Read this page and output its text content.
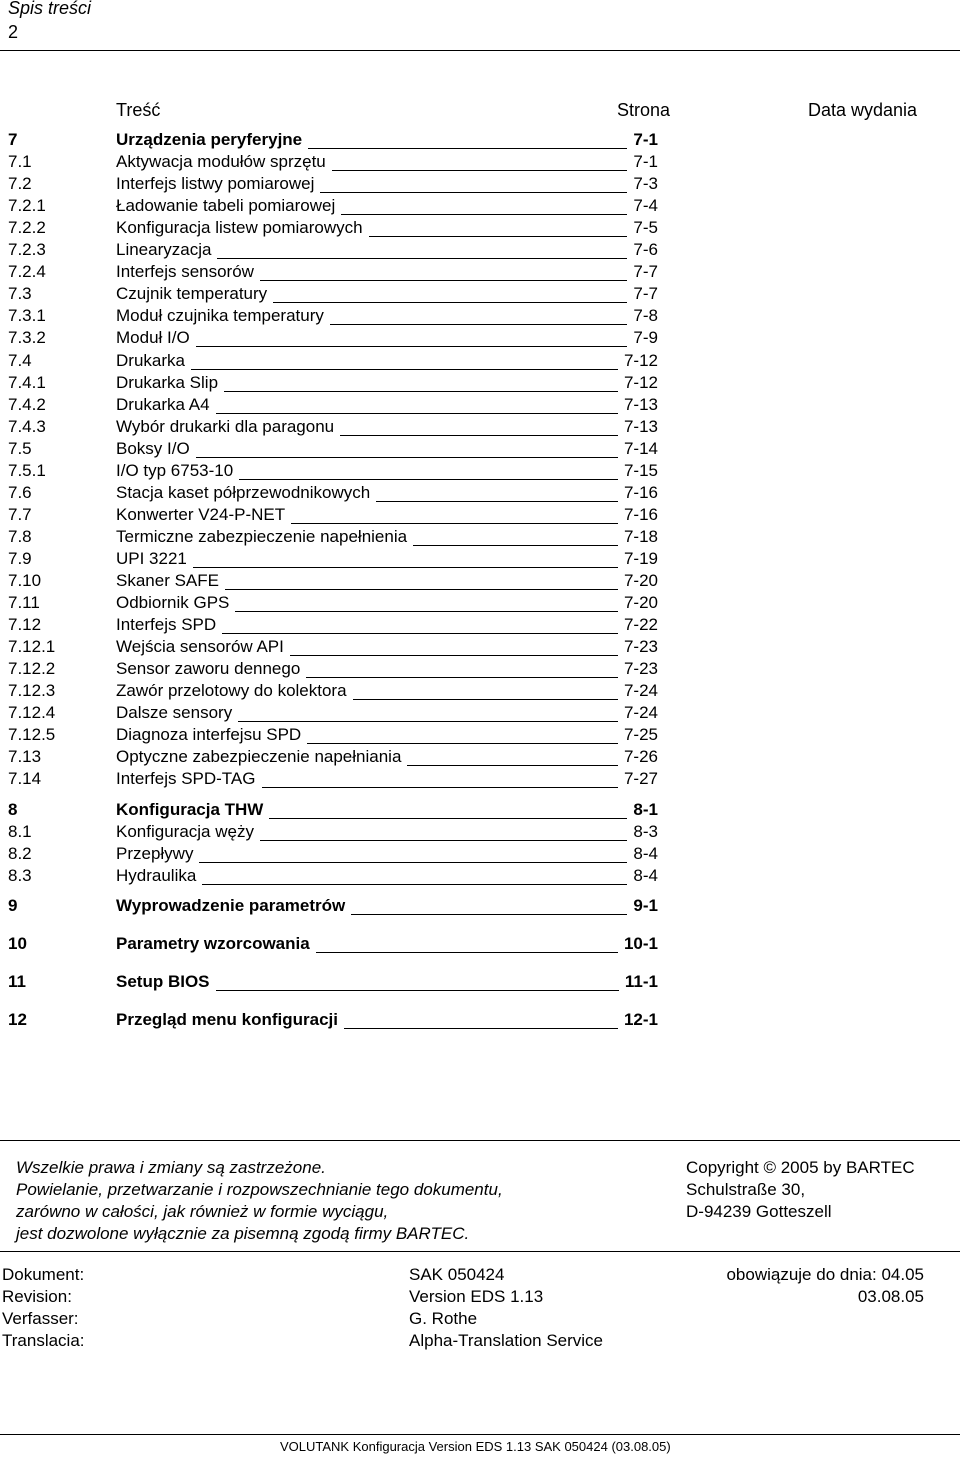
Spis treści
2
Treść	Strona	Data wydania
7	Urządzenia peryferyjne	7-1
7.1	Aktywacja modułów sprzętu	7-1
7.2	Interfejs listwy pomiarowej	7-3
7.2.1	Ładowanie tabeli pomiarowej	7-4
7.2.2	Konfiguracja listew pomiarowych	7-5
7.2.3	Linearyzacja	7-6
7.2.4	Interfejs sensorów	7-7
7.3	Czujnik temperatury	7-7
7.3.1	Moduł czujnika temperatury	7-8
7.3.2	Moduł I/O	7-9
7.4	Drukarka	7-12
7.4.1	Drukarka Slip	7-12
7.4.2	Drukarka A4	7-13
7.4.3	Wybór drukarki dla paragonu	7-13
7.5	Boksy I/O	7-14
7.5.1	I/O typ 6753-10	7-15
7.6	Stacja kaset półprzewodnikowych	7-16
7.7	Konwerter V24-P-NET	7-16
7.8	Termiczne zabezpieczenie napełnienia	7-18
7.9	UPI 3221	7-19
7.10	Skaner SAFE	7-20
7.11	Odbiornik GPS	7-20
7.12	Interfejs SPD	7-22
7.12.1	Wejścia sensorów API	7-23
7.12.2	Sensor zaworu dennego	7-23
7.12.3	Zawór przelotowy do kolektora	7-24
7.12.4	Dalsze sensory	7-24
7.12.5	Diagnoza interfejsu SPD	7-25
7.13	Optyczne zabezpieczenie napełniania	7-26
7.14	Interfejs SPD-TAG	7-27
8	Konfiguracja THW	8-1
8.1	Konfiguracja węży	8-3
8.2	Przepływy	8-4
8.3	Hydraulika	8-4
9	Wyprowadzenie parametrów	9-1
10	Parametry wzorcowania	10-1
11	Setup BIOS	11-1
12	Przegląd menu konfiguracji	12-1
Wszelkie prawa i zmiany są zastrzeżone.
Powielanie, przetwarzanie i rozpowszechnianie tego dokumentu,
zarówno w całości, jak również w formie wyciągu,
jest dozwolone wyłącznie za pisemną zgodą firmy BARTEC.
Copyright © 2005 by BARTEC
Schulstraße 30,
D-94239 Gotteszell
Dokument:	SAK 050424	obowiązuje do dnia: 04.05
Revision:	Version EDS 1.13	03.08.05
Verfasser:	G. Rothe
Translacia:	Alpha-Translation Service
VOLUTANK Konfiguracja Version EDS 1.13 SAK 050424 (03.08.05)
